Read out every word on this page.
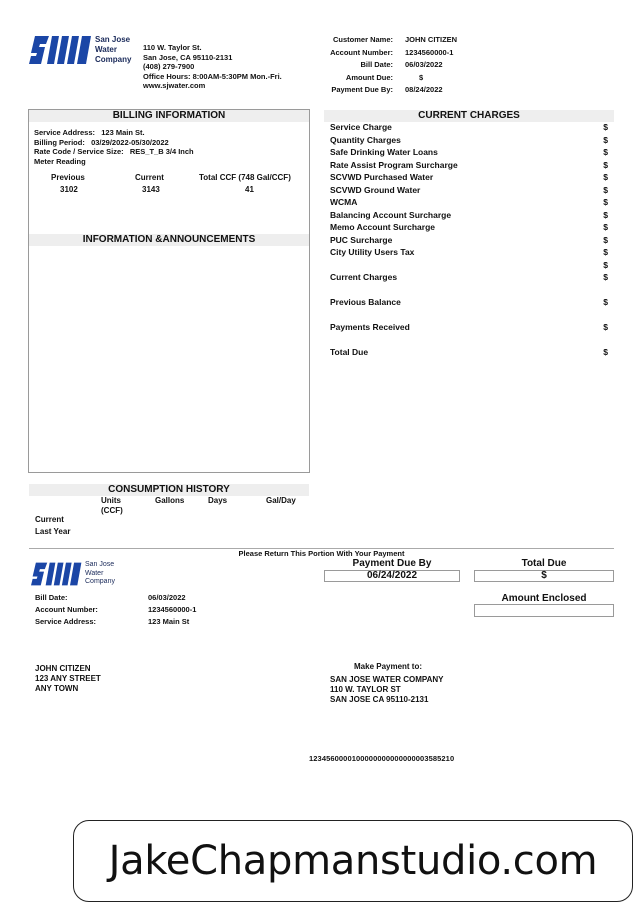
San Jose
Water
Company
110 W. Taylor St.
San Jose, CA 95110-2131
(408) 279-7900
Office Hours: 8:00AM-5:30PM Mon.-Fri.
www.sjwater.com
Customer Name: JOHN CITIZEN
Account Number: 1234560000-1
Bill Date: 06/03/2022
Amount Due:	$
Payment Due By: 08/24/2022
BILLING INFORMATION
Service Address:   123 Main St.
Billing Period:   03/29/2022-05/30/2022
Rate Code / Service Size:   RES_T_B 3/4 Inch
Meter Reading
Previous	Current	Total CCF (748 Gal/CCF)
3102	3143	41
INFORMATION &ANNOUNCEMENTS
CURRENT CHARGES
Service Charge	$
Quantity Charges	$
Safe Drinking Water Loans	$
Rate Assist Program Surcharge	$
SCVWD Purchased Water	$
SCVWD Ground Water	$
WCMA	$
Balancing Account Surcharge	$
Memo Account Surcharge	$
PUC Surcharge	$
City Utility Users Tax	$
$
Current Charges	$
Previous Balance	$
Payments Received	$
Total Due	$
CONSUMPTION HISTORY
Units
(CCF)
Gallons	Days	Gal/Day
Current
Last Year
Please Return This Portion With Your Payment
San Jose
Water
Company
Payment Due By
06/24/2022
Total Due
$
Amount Enclosed
Bill Date:	06/03/2022
Account Number:	1234560000-1
Service Address:	123 Main St
JOHN CITIZEN
123 ANY STREET
ANY TOWN
Make Payment to:
SAN JOSE WATER COMPANY
110 W. TAYLOR ST
SAN JOSE CA 95110-2131
1234560000100000000000000003585210
JakeChapmanstudio.com
